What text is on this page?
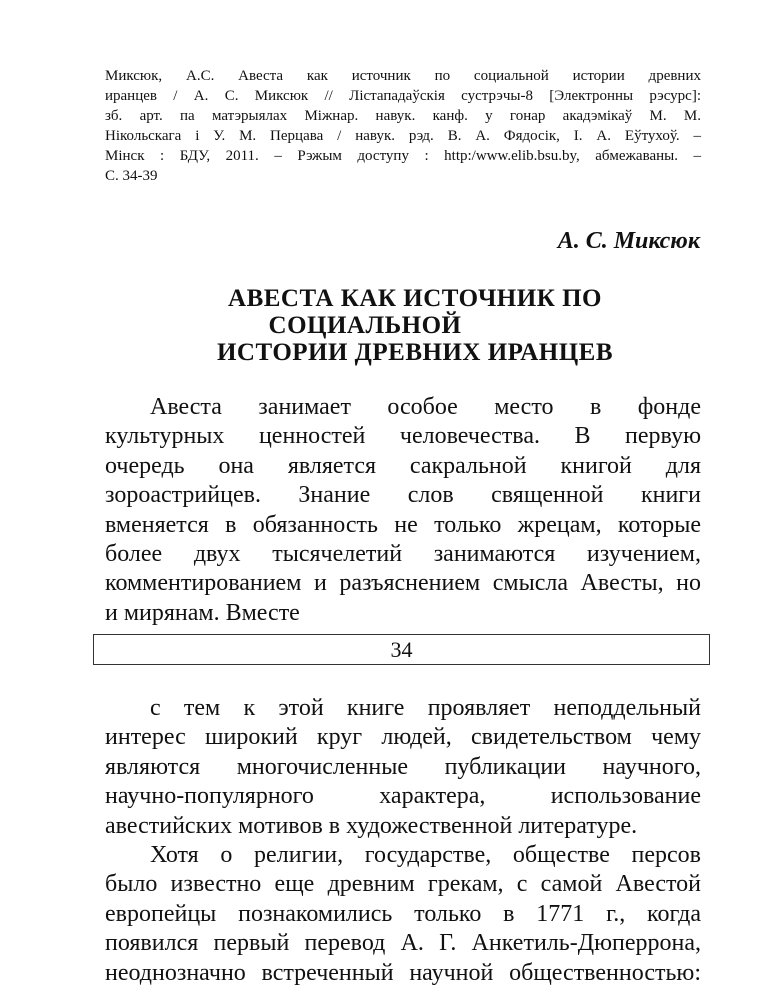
Миксюк, А.С. Авеста как источник по социальной истории древних
иранцев / А. С. Миксюк // Лістападаўскія сустрэчы-8 [Электронны рэсурс]:
зб. арт. па матэрыялах Міжнар. навук. канф. у гонар акадэмікаў М. М.
Нікольскага і У. М. Перцава / навук. рэд. В. А. Фядосік, І. А. Еўтухоў. –
Мінск : БДУ, 2011. – Рэжым доступу : http:/www.elib.bsu.by, абмежаваны. –
С. 34-39
А. С. Миксюк
АВЕСТА КАК ИСТОЧНИК ПО
СОЦИАЛЬНОЙ
ИСТОРИИ ДРЕВНИХ ИРАНЦЕВ
Авеста занимает особое место в фонде
культурных ценностей человечества. В первую
очередь она является сакральной книгой для
зороастрийцев. Знание слов священной книги
вменяется в обязанность не только жрецам, которые
более двух тысячелетий занимаются изучением,
комментированием и разъяснением смысла Авесты, но
и мирянам. Вместе
34
с тем к этой книге проявляет неподдельный
интерес широкий круг людей, свидетельством чему
являются многочисленные публикации научного,
научно-популярного характера, использование
авестийских мотивов в художественной литературе.
Хотя о религии, государстве, обществе персов
было известно еще древним грекам, с самой Авестой
европейцы познакомились только в 1771 г., когда
появился первый перевод А. Г. Анкетиль-Дюперрона,
неоднозначно встреченный научной общественностью:
